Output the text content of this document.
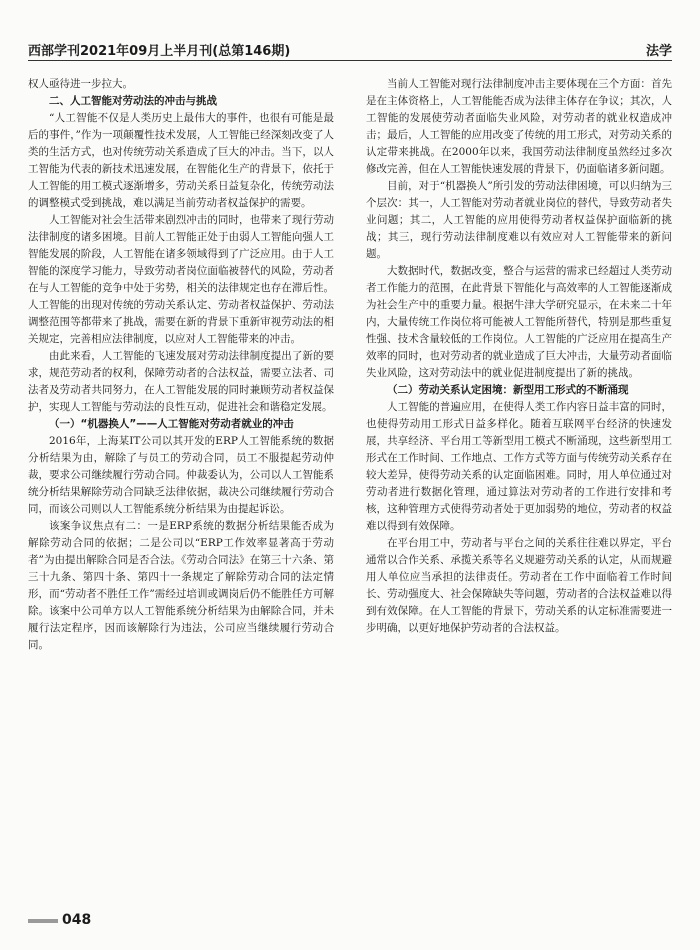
西部学刊2021年09月上半月刊(总第146期)	法学

权人亟待进一步拉大。

二、人工智能对劳动法的冲击与挑战

“人工智能不仅是人类历史上最伟大的事件，也很有可能是最后的事件，”作为一项颠覆性技术发展，人工智能已经深刻改变了人类的生活方式，也对传统劳动关系造成了巨大的冲击。当下，以人工智能为代表的新技术迅速发展，在智能化生产的背景下，依托于人工智能的用工模式逐渐增多，劳动关系日益复杂化，传统劳动法的调整模式受到挑战，难以满足当前劳动者权益保护的需要。

人工智能对社会生活带来剧烈冲击的同时，也带来了现行劳动法律制度的诸多困境。目前人工智能正处于由弱人工智能向强人工智能发展的阶段，人工智能在诸多领域得到了广泛应用。由于人工智能的深度学习能力，导致劳动者岗位面临被替代的风险，劳动者在与人工智能的竞争中处于劣势，相关的法律规定也存在滞后性。人工智能的出现对传统的劳动关系认定、劳动者权益保护、劳动法调整范围等都带来了挑战，需要在新的背景下重新审视劳动法的相关规定，完善相应法律制度，以应对人工智能带来的冲击。

由此来看，人工智能的飞速发展对劳动法律制度提出了新的要求，规范劳动者的权利，保障劳动者的合法权益，需要立法者、司法者及劳动者共同努力，在人工智能发展的同时兼顾劳动者权益保护，实现人工智能与劳动法的良性互动，促进社会和谐稳定发展。

（一）“机器换人”——人工智能对劳动者就业的冲击

2016年，上海某IT公司以其开发的ERP人工智能系统的数据分析结果为由，解除了与员工的劳动合同，员工不服提起劳动仲裁，要求公司继续履行劳动合同。仲裁委认为，公司以人工智能系统分析结果解除劳动合同缺乏法律依据，裁决公司继续履行劳动合同，而该公司则以人工智能系统分析结果为由提起诉讼。

该案争议焦点有二：一是ERP系统的数据分析结果能否成为解除劳动合同的依据；二是公司以“ERP工作效率显著高于劳动者”为由提出解除合同是否合法。《劳动合同法》在第三十六条、第三十九条、第四十条、第四十一条规定了解除劳动合同的法定情形，而“劳动者不胜任工作”需经过培训或调岗后仍不能胜任方可解除。该案中公司单方以人工智能系统分析结果为由解除合同，并未履行法定程序，因而该解除行为违法，公司应当继续履行劳动合同。

当前人工智能对现行法律制度冲击主要体现在三个方面：首先是在主体资格上，人工智能能否成为法律主体存在争议；其次，人工智能的发展使劳动者面临失业风险，对劳动者的就业权造成冲击；最后，人工智能的应用改变了传统的用工形式，对劳动关系的认定带来挑战。在2000年以来，我国劳动法律制度虽然经过多次修改完善，但在人工智能快速发展的背景下，仍面临诸多新问题。

目前，对于“机器换人”所引发的劳动法律困境，可以归纳为三个层次：其一，人工智能对劳动者就业岗位的替代，导致劳动者失业问题；其二，人工智能的应用使得劳动者权益保护面临新的挑战；其三，现行劳动法律制度难以有效应对人工智能带来的新问题。

大数据时代，数据改变，整合与运营的需求已经超过人类劳动者工作能力的范围，在此背景下智能化与高效率的人工智能逐渐成为社会生产中的重要力量。根据牛津大学研究显示，在未来二十年内，大量传统工作岗位将可能被人工智能所替代，特别是那些重复性强、技术含量较低的工作岗位。人工智能的广泛应用在提高生产效率的同时，也对劳动者的就业造成了巨大冲击，大量劳动者面临失业风险，这对劳动法中的就业促进制度提出了新的挑战。

（二）劳动关系认定困境：新型用工形式的不断涌现

人工智能的普遍应用，在使得人类工作内容日益丰富的同时，也使得劳动用工形式日益多样化。随着互联网平台经济的快速发展，共享经济、平台用工等新型用工模式不断涌现，这些新型用工形式在工作时间、工作地点、工作方式等方面与传统劳动关系存在较大差异，使得劳动关系的认定面临困难。同时，用人单位通过对劳动者进行数据化管理，通过算法对劳动者的工作进行安排和考核，这种管理方式使得劳动者处于更加弱势的地位，劳动者的权益难以得到有效保障。

在平台用工中，劳动者与平台之间的关系往往难以界定，平台通常以合作关系、承揽关系等名义规避劳动关系的认定，从而规避用人单位应当承担的法律责任。劳动者在工作中面临着工作时间长、劳动强度大、社会保障缺失等问题，劳动者的合法权益难以得到有效保障。在人工智能的背景下，劳动关系的认定标准需要进一步明确，以更好地保护劳动者的合法权益。

048
